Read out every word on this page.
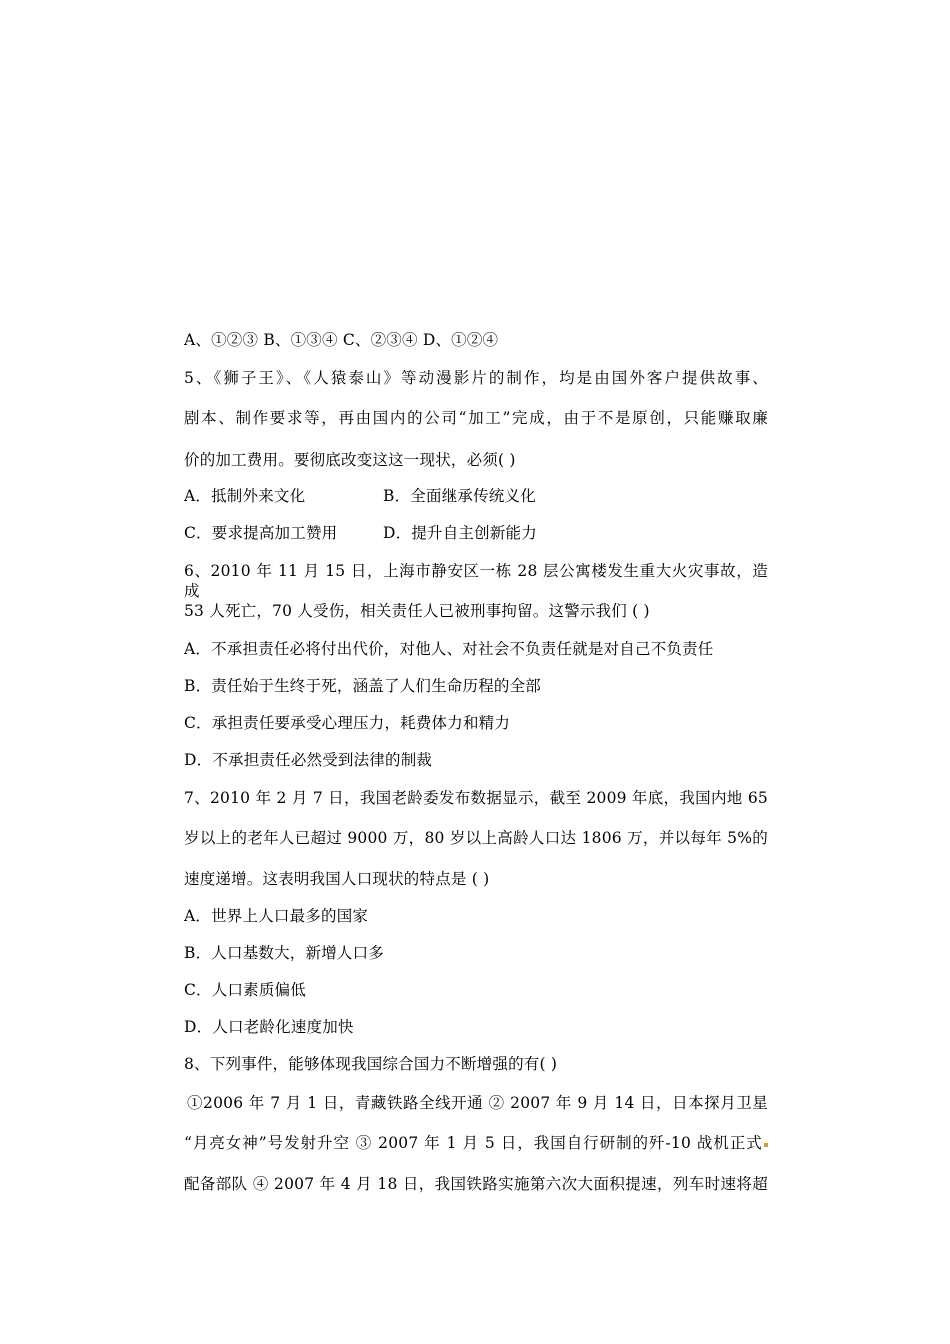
A、①②③ B、①③④ C、②③④ D、①②④
5、《狮子王》、《人猿泰山》等动漫影片的制作，均是由国外客户提供故事、
剧本、制作要求等，再由国内的公司“加工”完成，由于不是原创，只能赚取廉
价的加工费用。要彻底改变这这一现状，必须( )
A．抵制外来文化	B．全面继承传统义化
C．要求提高加工赞用	D．提升自主创新能力
6、2010 年 11 月 15 日，上海市静安区一栋 28 层公寓楼发生重大火灾事故，造成
53 人死亡，70 人受伤，相关责任人已被刑事拘留。这警示我们 ( )
A．不承担责任必将付出代价，对他人、对社会不负责任就是对自己不负责任
B．责任始于生终于死，涵盖了人们生命历程的全部
C．承担责任要承受心理压力，耗费体力和精力
D．不承担责任必然受到法律的制裁
7、2010 年 2 月 7 日，我国老龄委发布数据显示，截至 2009 年底，我国内地 65
岁以上的老年人已超过 9000 万，80 岁以上高龄人口达 1806 万，并以每年 5%的
速度递增。这表明我国人口现状的特点是 ( )
A．世界上人口最多的国家
B．人口基数大，新增人口多
C．人口素质偏低
D．人口老龄化速度加快
8、下列事件，能够体现我国综合国力不断增强的有( )
①2006 年 7 月 1 日，青藏铁路全线开通 ② 2007 年 9 月 14 日，日本探月卫星
“月亮女神”号发射升空 ③ 2007 年 1 月 5 日，我国自行研制的歼-10 战机正式
配备部队 ④ 2007 年 4 月 18 日，我国铁路实施第六次大面积提速，列车时速将超
